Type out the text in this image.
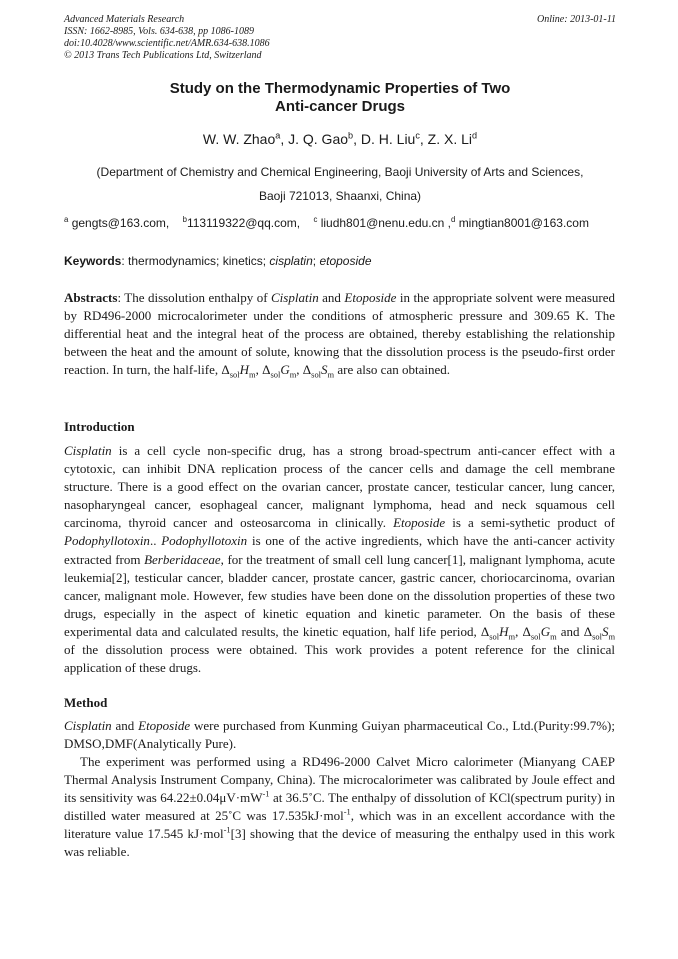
Advanced Materials Research
ISSN: 1662-8985, Vols. 634-638, pp 1086-1089
doi:10.4028/www.scientific.net/AMR.634-638.1086
© 2013 Trans Tech Publications Ltd, Switzerland
Online: 2013-01-11
Study on the Thermodynamic Properties of Two
Anti-cancer Drugs
W. W. Zhao$^a$, J. Q. Gao$^b$, D. H. Liu$^c$, Z. X. Li$^d$
(Department of Chemistry and Chemical Engineering, Baoji University of Arts and Sciences,
Baoji 721013, Shaanxi, China)
$^a$ gengts@163.com, $^b$113119322@qq.com, $^c$ liudh801@nenu.edu.cn ,$^d$ mingtian8001@163.com
Keywords: thermodynamics; kinetics; cisplatin; etoposide

Abstracts: The dissolution enthalpy of Cisplatin and Etoposide in the appropriate solvent were measured by RD496-2000 microcalorimeter under the conditions of atmospheric pressure and 309.65 K. The differential heat and the integral heat of the process are obtained, thereby establishing the relationship between the heat and the amount of solute, knowing that the dissolution process is the pseudo-first order reaction. In turn, the half-life, $\Delta_{sol}H_m$, $\Delta_{sol}G_m$, $\Delta_{sol}S_m$ are also can obtained.

Introduction

Cisplatin is a cell cycle non-specific drug, has a strong broad-spectrum anti-cancer effect with a cytotoxic, can inhibit DNA replication process of the cancer cells and damage the cell membrane structure. There is a good effect on the ovarian cancer, prostate cancer, testicular cancer, lung cancer, nasopharyngeal cancer, esophageal cancer, malignant lymphoma, head and neck squamous cell carcinoma, thyroid cancer and osteosarcoma in clinically. Etoposide is a semi-sythetic product of Podophyllotoxin.. Podophyllotoxin is one of the active ingredients, which have the anti-cancer activity extracted from Berberidaceae, for the treatment of small cell lung cancer[1], malignant lymphoma, acute leukemia[2], testicular cancer, bladder cancer, prostate cancer, gastric cancer, choriocarcinoma, ovarian cancer, malignant mole. However, few studies have been done on the dissolution properties of these two drugs, especially in the aspect of kinetic equation and kinetic parameter. On the basis of these experimental data and calculated results, the kinetic equation, half life period, $\Delta_{sol}H_m$, $\Delta_{sol}G_m$ and $\Delta_{sol}S_m$ of the dissolution process were obtained. This work provides a potent reference for the clinical application of these drugs.

Method

Cisplatin and Etoposide were purchased from Kunming Guiyan pharmaceutical Co., Ltd.(Purity:99.7%); DMSO,DMF(Analytically Pure).

The experiment was performed using a RD496-2000 Calvet Micro calorimeter (Mianyang CAEP Thermal Analysis Instrument Company, China). The microcalorimeter was calibrated by Joule effect and its sensitivity was $64.22\pm 0.04\mu V\cdot mW^{-1}$ at 36.5˚C. The enthalpy of dissolution of KCl(spectrum purity) in distilled water measured at 25˚C was 17.535kJ·mol$^{-1}$, which was in an excellent accordance with the literature value 17.545 kJ·mol$^{-1}$[3] showing that the device of measuring the enthalpy used in this work was reliable.
